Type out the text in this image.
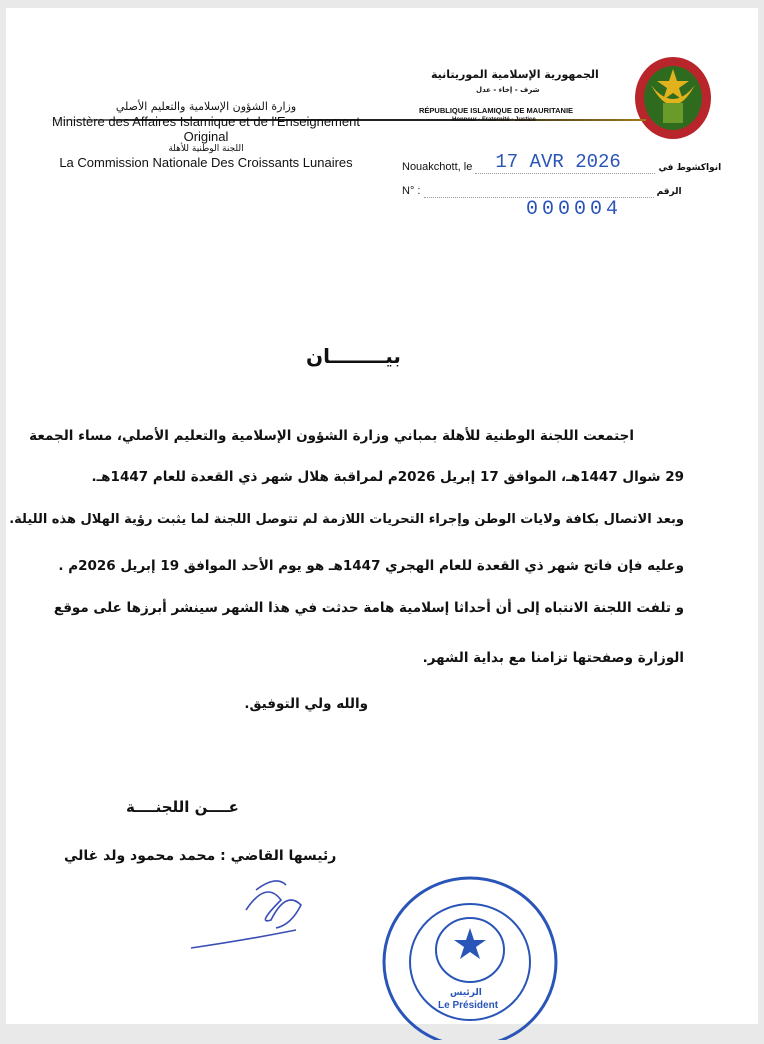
الجمهورية الإسلامية الموريتانية
شرف - إخاء - عدل
RÉPUBLIQUE ISLAMIQUE DE MAURITANIE
Honneur - Fraternité - Justice
وزارة الشؤون الإسلامية والتعليم الأصلي
Ministère des Affaires Islamique et de l'Enseignement
Original
اللجنة الوطنية للأهلة
La Commission Nationale Des Croissants Lunaires	Nouakchott, le 17 AVR 2026	انواكشوط في
N° :	الرقم
000004
بيــــــــان
اجتمعت اللجنة الوطنية للأهلة بمباني وزارة الشؤون الإسلامية والتعليم الأصلي، مساء الجمعة
29 شوال 1447هـ، الموافق 17 إبريل 2026م لمراقبة هلال شهر ذي القعدة للعام 1447هـ.
وبعد الاتصال بكافة ولايات الوطن وإجراء التحريات اللازمة لم تتوصل اللجنة لما يثبت رؤية الهلال هذه الليلة.
وعليه فإن فاتح شهر ذي القعدة للعام الهجري 1447هـ هو يوم الأحد الموافق 19 إبريل 2026م .
و تلفت اللجنة الانتباه إلى أن أحداثا إسلامية هامة حدثت في هذا الشهر سينشر أبرزها على موقع
الوزارة وصفحتها تزامنا مع بداية الشهر.
والله ولي التوفيق.
عــــن اللجنــــة
رئيسها القاضي : محمد محمود ولد غالي
الرئيس
Le Président
